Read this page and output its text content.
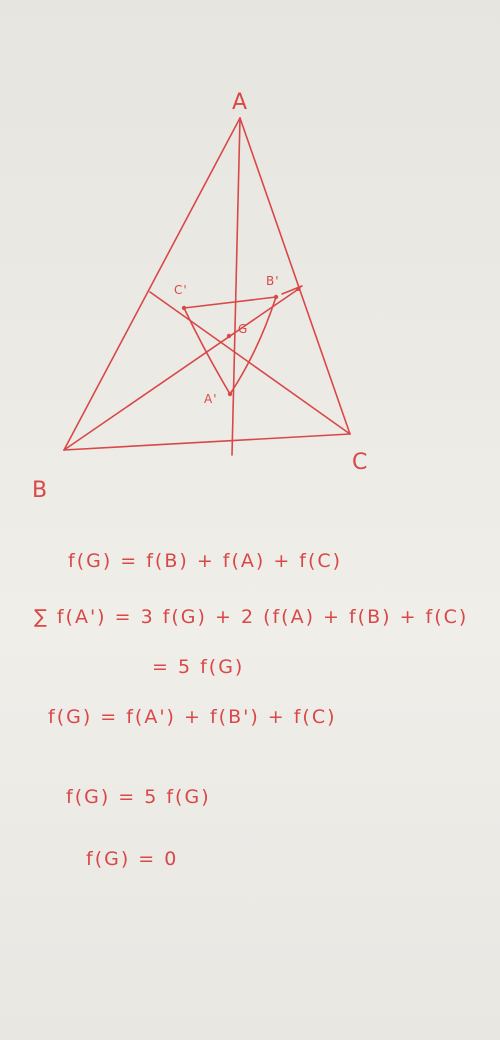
A
B
C
C'
B'
G
A'
f(G) = f(B) + f(A) + f(C)
∑ f(A') = 3 f(G) + 2 (f(A) + f(B) + f(C)
= 5 f(G)
f(G) = f(A') + f(B') + f(C)
f(G) = 5 f(G)
f(G) = 0
